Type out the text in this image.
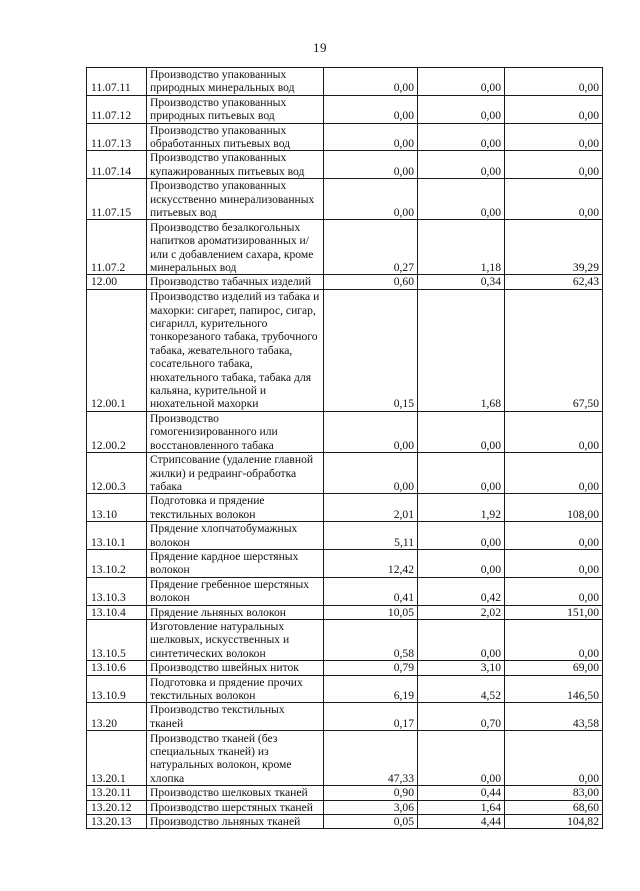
19
11.07.11	Производство упакованных природных минеральных вод	0,00	0,00	0,00
11.07.12	Производство упакованных природных питьевых вод	0,00	0,00	0,00
11.07.13	Производство упакованных обработанных питьевых вод	0,00	0,00	0,00
11.07.14	Производство упакованных купажированных питьевых вод	0,00	0,00	0,00
11.07.15	Производство упакованных искусственно минерализованных питьевых вод	0,00	0,00	0,00
11.07.2	Производство безалкогольных напитков ароматизированных и/или с добавлением сахара, кроме минеральных вод	0,27	1,18	39,29
12.00	Производство табачных изделий	0,60	0,34	62,43
12.00.1	Производство изделий из табака и махорки: сигарет, папирос, сигар, сигарилл, курительного тонкорезаного табака, трубочного табака, жевательного табака, сосательного табака, нюхательного табака, табака для кальяна, курительной и нюхательной махорки	0,15	1,68	67,50
12.00.2	Производство гомогенизированного или восстановленного табака	0,00	0,00	0,00
12.00.3	Стрипсование (удаление главной жилки) и редраинг-обработка табака	0,00	0,00	0,00
13.10	Подготовка и прядение текстильных волокон	2,01	1,92	108,00
13.10.1	Прядение хлопчатобумажных волокон	5,11	0,00	0,00
13.10.2	Прядение кардное шерстяных волокон	12,42	0,00	0,00
13.10.3	Прядение гребенное шерстяных волокон	0,41	0,42	0,00
13.10.4	Прядение льняных волокон	10,05	2,02	151,00
13.10.5	Изготовление натуральных шелковых, искусственных и синтетических волокон	0,58	0,00	0,00
13.10.6	Производство швейных ниток	0,79	3,10	69,00
13.10.9	Подготовка и прядение прочих текстильных волокон	6,19	4,52	146,50
13.20	Производство текстильных тканей	0,17	0,70	43,58
13.20.1	Производство тканей (без специальных тканей) из натуральных волокон, кроме хлопка	47,33	0,00	0,00
13.20.11	Производство шелковых тканей	0,90	0,44	83,00
13.20.12	Производство шерстяных тканей	3,06	1,64	68,60
13.20.13	Производство льняных тканей	0,05	4,44	104,82
